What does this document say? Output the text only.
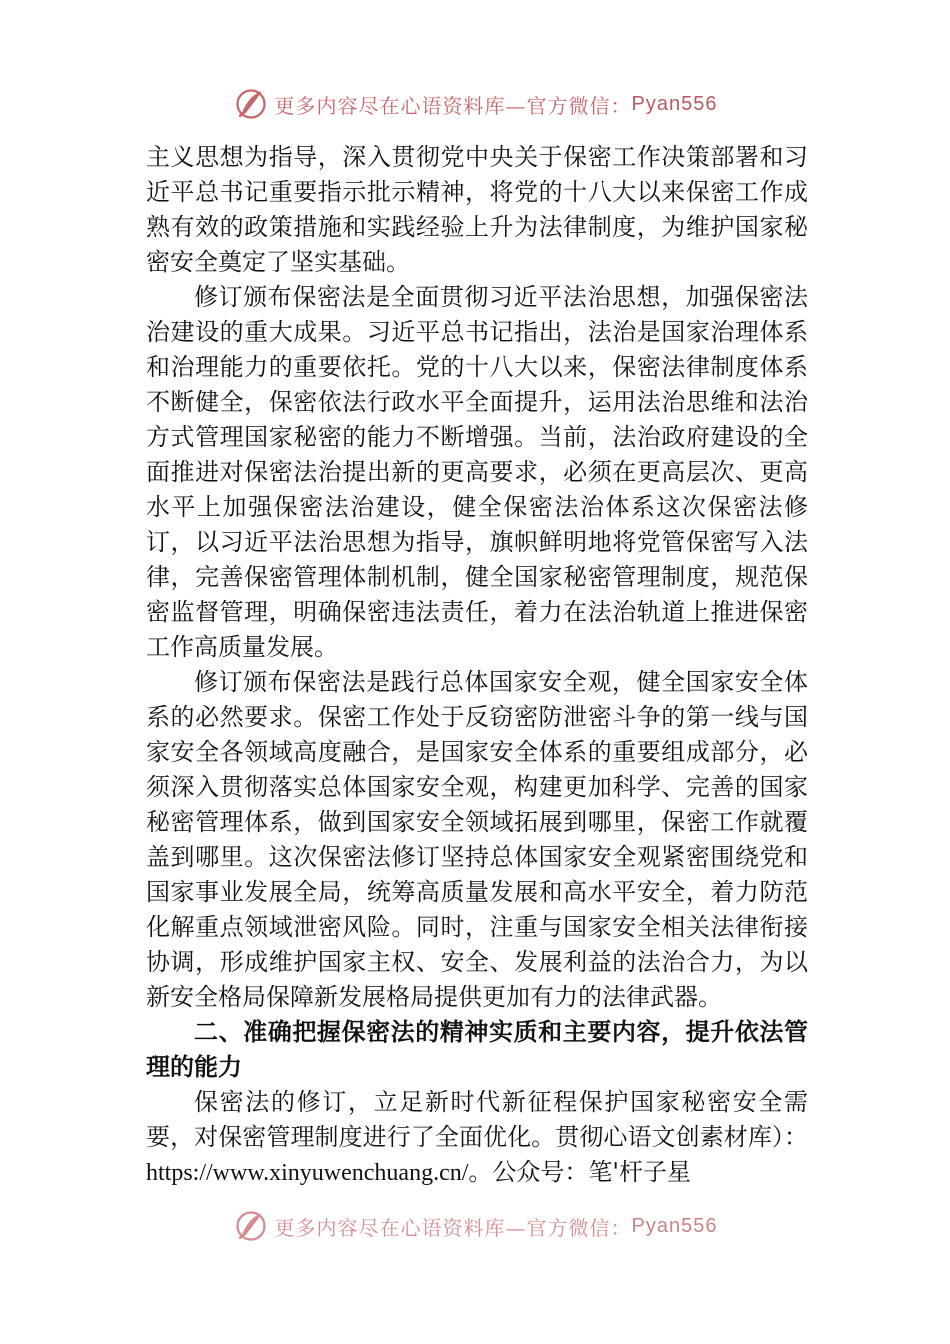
更多内容尽在心语资料库—官方微信： Pyan556

主义思想为指导，深入贯彻党中央关于保密工作决策部署和习近平总书记重要指示批示精神，将党的十八大以来保密工作成熟有效的政策措施和实践经验上升为法律制度，为维护国家秘密安全奠定了坚实基础。

修订颁布保密法是全面贯彻习近平法治思想，加强保密法治建设的重大成果。习近平总书记指出，法治是国家治理体系和治理能力的重要依托。党的十八大以来，保密法律制度体系不断健全，保密依法行政水平全面提升，运用法治思维和法治方式管理国家秘密的能力不断增强。当前，法治政府建设的全面推进对保密法治提出新的更高要求，必须在更高层次、更高水平上加强保密法治建设，健全保密法治体系这次保密法修订，以习近平法治思想为指导，旗帜鲜明地将党管保密写入法律，完善保密管理体制机制，健全国家秘密管理制度，规范保密监督管理，明确保密违法责任，着力在法治轨道上推进保密工作高质量发展。

修订颁布保密法是践行总体国家安全观，健全国家安全体系的必然要求。保密工作处于反窃密防泄密斗争的第一线与国家安全各领域高度融合，是国家安全体系的重要组成部分，必须深入贯彻落实总体国家安全观，构建更加科学、完善的国家秘密管理体系，做到国家安全领域拓展到哪里，保密工作就覆盖到哪里。这次保密法修订坚持总体国家安全观紧密围绕党和国家事业发展全局，统筹高质量发展和高水平安全，着力防范化解重点领域泄密风险。同时，注重与国家安全相关法律衔接协调，形成维护国家主权、安全、发展利益的法治合力，为以新安全格局保障新发展格局提供更加有力的法律武器。

二、准确把握保密法的精神实质和主要内容，提升依法管理的能力

保密法的修订，立足新时代新征程保护国家秘密安全需要，对保密管理制度进行了全面优化。贯彻心语文创素材库）：https://www.xinyuwenchuang.cn/。公众号：笔'杆子星

更多内容尽在心语资料库—官方微信： Pyan556
